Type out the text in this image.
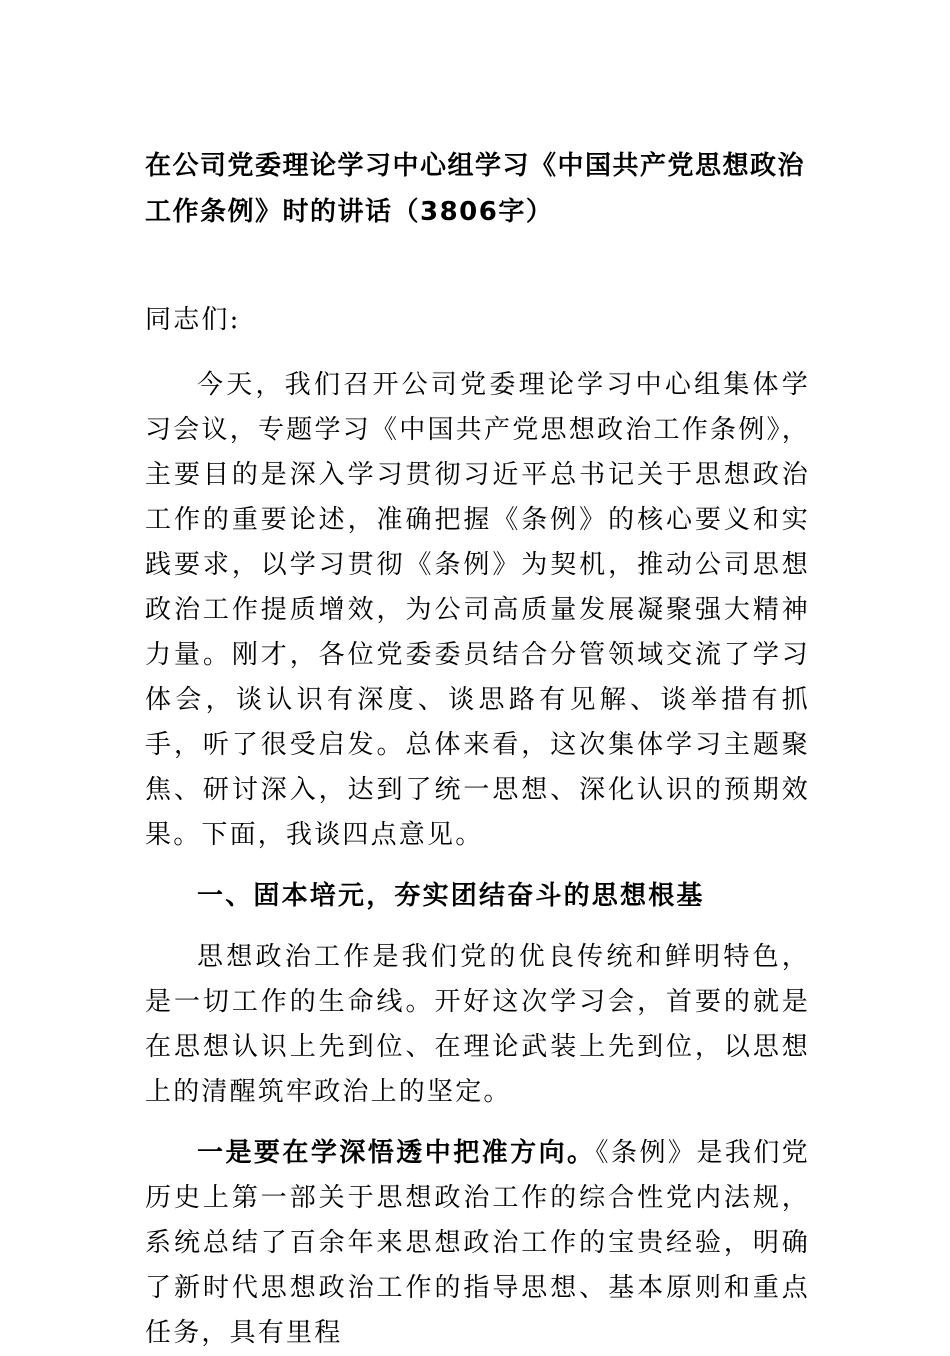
在公司党委理论学习中心组学习《中国共产党思想政治工作条例》时的讲话（3806字）

同志们:

今天，我们召开公司党委理论学习中心组集体学习会议，专题学习《中国共产党思想政治工作条例》，主要目的是深入学习贯彻习近平总书记关于思想政治工作的重要论述，准确把握《条例》的核心要义和实践要求，以学习贯彻《条例》为契机，推动公司思想政治工作提质增效，为公司高质量发展凝聚强大精神力量。刚才，各位党委委员结合分管领域交流了学习体会，谈认识有深度、谈思路有见解、谈举措有抓手，听了很受启发。总体来看，这次集体学习主题聚焦、研讨深入，达到了统一思想、深化认识的预期效果。下面，我谈四点意见。

一、固本培元，夯实团结奋斗的思想根基

思想政治工作是我们党的优良传统和鲜明特色，是一切工作的生命线。开好这次学习会，首要的就是在思想认识上先到位、在理论武装上先到位，以思想上的清醒筑牢政治上的坚定。

一是要在学深悟透中把准方向。《条例》是我们党历史上第一部关于思想政治工作的综合性党内法规，系统总结了百余年来思想政治工作的宝贵经验，明确了新时代思想政治工作的指导思想、基本原则和重点任务，具有里程
